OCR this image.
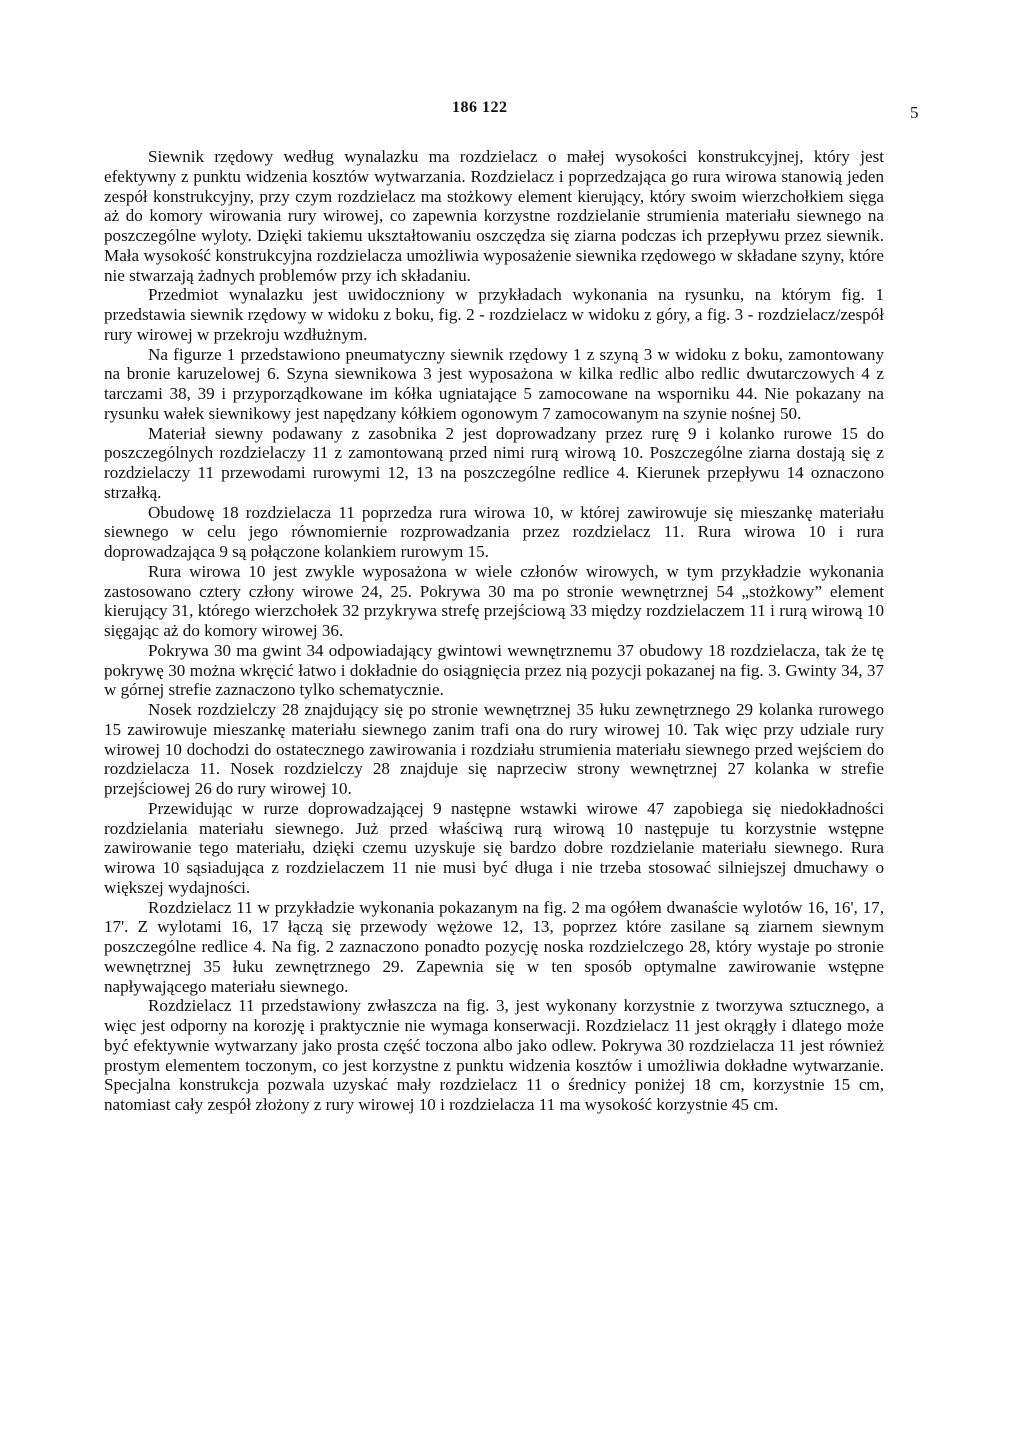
186 122	5

Siewnik rzędowy według wynalazku ma rozdzielacz o małej wysokości konstrukcyjnej, który jest efektywny z punktu widzenia kosztów wytwarzania. Rozdzielacz i poprzedzająca go rura wirowa stanowią jeden zespół konstrukcyjny, przy czym rozdzielacz ma stożkowy element kierujący, który swoim wierzchołkiem sięga aż do komory wirowania rury wirowej, co zapewnia korzystne rozdzielanie strumienia materiału siewnego na poszczególne wyloty. Dzięki takiemu ukształtowaniu oszczędza się ziarna podczas ich przepływu przez siewnik. Mała wysokość konstrukcyjna rozdzielacza umożliwia wyposażenie siewnika rzędowego w składane szyny, które nie stwarzają żadnych problemów przy ich składaniu.

Przedmiot wynalazku jest uwidoczniony w przykładach wykonania na rysunku, na którym fig. 1 przedstawia siewnik rzędowy w widoku z boku, fig. 2 - rozdzielacz w widoku z góry, a fig. 3 - rozdzielacz/zespół rury wirowej w przekroju wzdłużnym.

Na figurze 1 przedstawiono pneumatyczny siewnik rzędowy 1 z szyną 3 w widoku z boku, zamontowany na bronie karuzelowej 6. Szyna siewnikowa 3 jest wyposażona w kilka redlic albo redlic dwutarczowych 4 z tarczami 38, 39 i przyporządkowane im kółka ugniatające 5 zamocowane na wsporniku 44. Nie pokazany na rysunku wałek siewnikowy jest napędzany kółkiem ogonowym 7 zamocowanym na szynie nośnej 50.

Materiał siewny podawany z zasobnika 2 jest doprowadzany przez rurę 9 i kolanko rurowe 15 do poszczególnych rozdzielaczy 11 z zamontowaną przed nimi rurą wirową 10. Poszczególne ziarna dostają się z rozdzielaczy 11 przewodami rurowymi 12, 13 na poszczególne redlice 4. Kierunek przepływu 14 oznaczono strzałką.

Obudowę 18 rozdzielacza 11 poprzedza rura wirowa 10, w której zawirowuje się mieszankę materiału siewnego w celu jego równomiernie rozprowadzania przez rozdzielacz 11. Rura wirowa 10 i rura doprowadzająca 9 są połączone kolankiem rurowym 15.

Rura wirowa 10 jest zwykle wyposażona w wiele członów wirowych, w tym przykładzie wykonania zastosowano cztery człony wirowe 24, 25. Pokrywa 30 ma po stronie wewnętrznej 54 „stożkowy” element kierujący 31, którego wierzchołek 32 przykrywa strefę przejściową 33 między rozdzielaczem 11 i rurą wirową 10 sięgając aż do komory wirowej 36.

Pokrywa 30 ma gwint 34 odpowiadający gwintowi wewnętrznemu 37 obudowy 18 rozdzielacza, tak że tę pokrywę 30 można wkręcić łatwo i dokładnie do osiągnięcia przez nią pozycji pokazanej na fig. 3. Gwinty 34, 37 w górnej strefie zaznaczono tylko schematycznie.

Nosek rozdzielczy 28 znajdujący się po stronie wewnętrznej 35 łuku zewnętrznego 29 kolanka rurowego 15 zawirowuje mieszankę materiału siewnego zanim trafi ona do rury wirowej 10. Tak więc przy udziale rury wirowej 10 dochodzi do ostatecznego zawirowania i rozdziału strumienia materiału siewnego przed wejściem do rozdzielacza 11. Nosek rozdzielczy 28 znajduje się naprzeciw strony wewnętrznej 27 kolanka w strefie przejściowej 26 do rury wirowej 10.

Przewidując w rurze doprowadzającej 9 następne wstawki wirowe 47 zapobiega się niedokładności rozdzielania materiału siewnego. Już przed właściwą rurą wirową 10 następuje tu korzystnie wstępne zawirowanie tego materiału, dzięki czemu uzyskuje się bardzo dobre rozdzielanie materiału siewnego. Rura wirowa 10 sąsiadująca z rozdzielaczem 11 nie musi być długa i nie trzeba stosować silniejszej dmuchawy o większej wydajności.

Rozdzielacz 11 w przykładzie wykonania pokazanym na fig. 2 ma ogółem dwanaście wylotów 16, 16', 17, 17'. Z wylotami 16, 17 łączą się przewody wężowe 12, 13, poprzez które zasilane są ziarnem siewnym poszczególne redlice 4. Na fig. 2 zaznaczono ponadto pozycję noska rozdzielczego 28, który wystaje po stronie wewnętrznej 35 łuku zewnętrznego 29. Zapewnia się w ten sposób optymalne zawirowanie wstępne napływającego materiału siewnego.

Rozdzielacz 11 przedstawiony zwłaszcza na fig. 3, jest wykonany korzystnie z tworzywa sztucznego, a więc jest odporny na korozję i praktycznie nie wymaga konserwacji. Rozdzielacz 11 jest okrągły i dlatego może być efektywnie wytwarzany jako prosta część toczona albo jako odlew. Pokrywa 30 rozdzielacza 11 jest również prostym elementem toczonym, co jest korzystne z punktu widzenia kosztów i umożliwia dokładne wytwarzanie. Specjalna konstrukcja pozwala uzyskać mały rozdzielacz 11 o średnicy poniżej 18 cm, korzystnie 15 cm, natomiast cały zespół złożony z rury wirowej 10 i rozdzielacza 11 ma wysokość korzystnie 45 cm.
